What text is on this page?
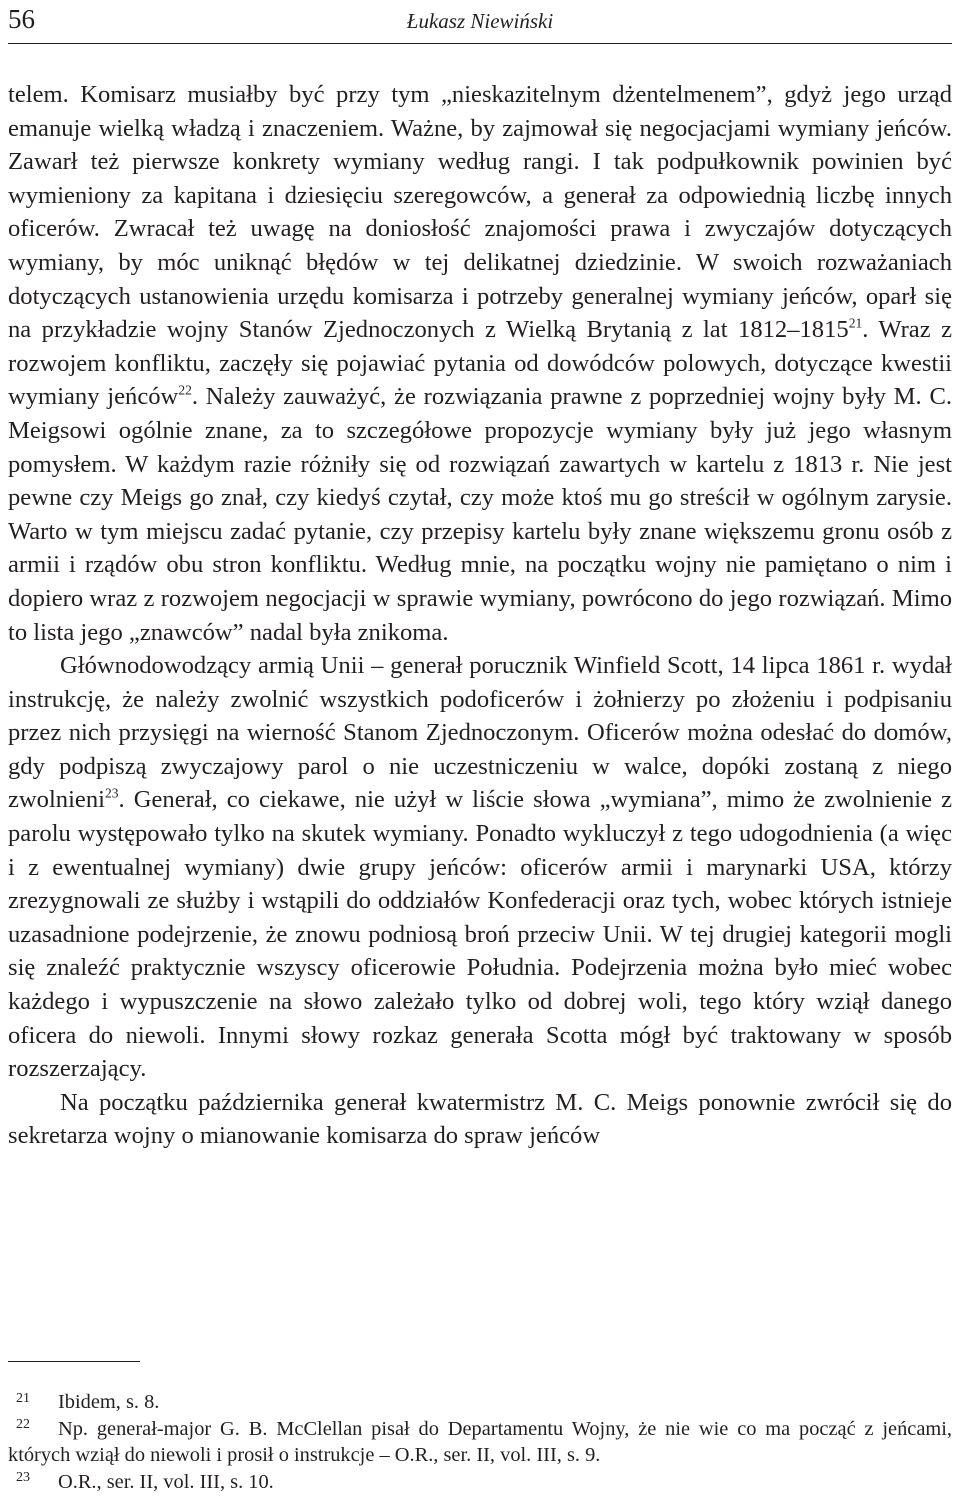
56	Łukasz Niewiński

telem. Komisarz musiałby być przy tym „nieskazitelnym dżentelmenem”, gdyż jego urząd emanuje wielką władzą i znaczeniem. Ważne, by zajmował się negocjacjami wymiany jeńców. Zawarł też pierwsze konkrety wymiany według rangi. I tak podpułkownik powinien być wymieniony za kapitana i dziesięciu szeregowców, a generał za odpowiednią liczbę innych oficerów. Zwracał też uwagę na doniosłość znajomości prawa i zwyczajów dotyczących wymiany, by móc uniknąć błędów w tej delikatnej dziedzinie. W swoich rozważaniach dotyczących ustanowienia urzędu komisarza i potrzeby generalnej wymiany jeńców, oparł się na przykładzie wojny Stanów Zjednoczonych z Wielką Brytanią z lat 1812–1815$^{21}$. Wraz z rozwojem konfliktu, zaczęły się pojawiać pytania od dowódców polowych, dotyczące kwestii wymiany jeńców$^{22}$. Należy zauważyć, że rozwiązania prawne z poprzedniej wojny były M. C. Meigsowi ogólnie znane, za to szczegółowe propozycje wymiany były już jego własnym pomysłem. W każdym razie różniły się od rozwiązań zawartych w kartelu z 1813 r. Nie jest pewne czy Meigs go znał, czy kiedyś czytał, czy może ktoś mu go streścił w ogólnym zarysie. Warto w tym miejscu zadać pytanie, czy przepisy kartelu były znane większemu gronu osób z armii i rządów obu stron konfliktu. Według mnie, na początku wojny nie pamiętano o nim i dopiero wraz z rozwojem negocjacji w sprawie wymiany, powrócono do jego rozwiązań. Mimo to lista jego „znawców” nadal była znikoma.

Głównodowodzący armią Unii – generał porucznik Winfield Scott, 14 lipca 1861 r. wydał instrukcję, że należy zwolnić wszystkich podoficerów i żołnierzy po złożeniu i podpisaniu przez nich przysięgi na wierność Stanom Zjednoczonym. Oficerów można odesłać do domów, gdy podpiszą zwyczajowy parol o nie uczestniczeniu w walce, dopóki zostaną z niego zwolnieni$^{23}$. Generał, co ciekawe, nie użył w liście słowa „wymiana”, mimo że zwolnienie z parolu występowało tylko na skutek wymiany. Ponadto wykluczył z tego udogodnienia (a więc i z ewentualnej wymiany) dwie grupy jeńców: oficerów armii i marynarki USA, którzy zrezygnowali ze służby i wstąpili do oddziałów Konfederacji oraz tych, wobec których istnieje uzasadnione podejrzenie, że znowu podniosą broń przeciw Unii. W tej drugiej kategorii mogli się znaleźć praktycznie wszyscy oficerowie Południa. Podejrzenia można było mieć wobec każdego i wypuszczenie na słowo zależało tylko od dobrej woli, tego który wziął danego oficera do niewoli. Innymi słowy rozkaz generała Scotta mógł być traktowany w sposób rozszerzający.

Na początku października generał kwatermistrz M. C. Meigs ponownie zwrócił się do sekretarza wojny o mianowanie komisarza do spraw jeńców

21 Ibidem, s. 8.

22 Np. generał-major G. B. McClellan pisał do Departamentu Wojny, że nie wie co ma począć z jeńcami, których wziął do niewoli i prosił o instrukcje – O.R., ser. II, vol. III, s. 9.

23 O.R., ser. II, vol. III, s. 10.
